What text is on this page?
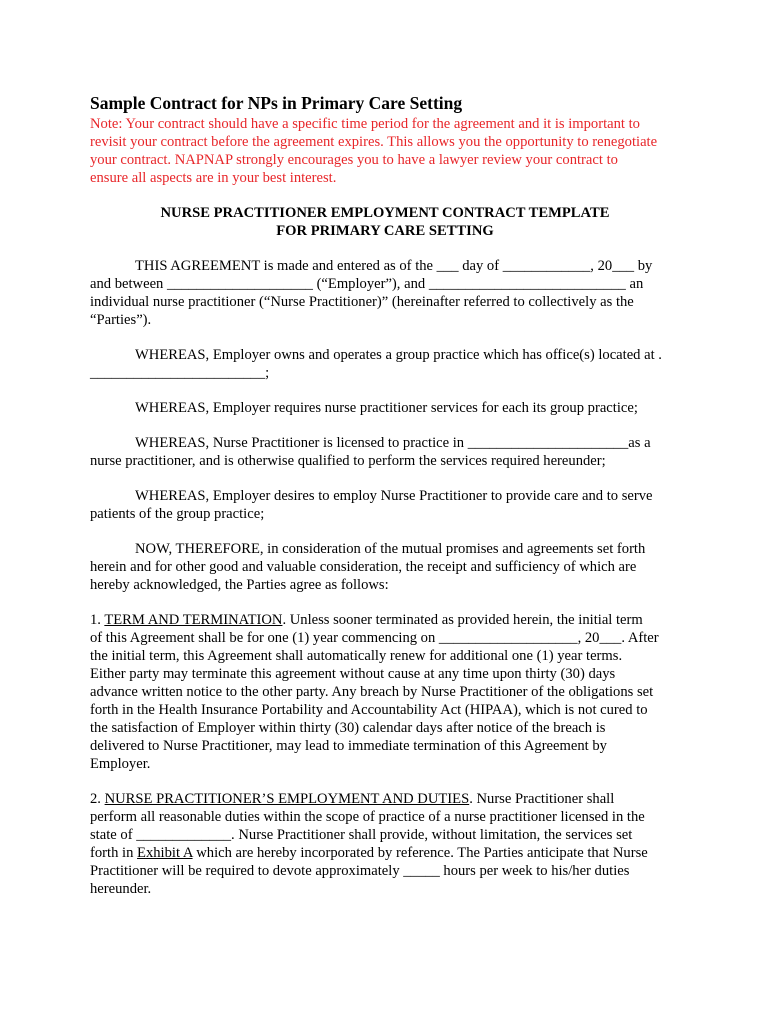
Sample Contract for NPs in Primary Care Setting
Note: Your contract should have a specific time period for the agreement and it is important to
revisit your contract before the agreement expires. This allows you the opportunity to renegotiate
your contract. NAPNAP strongly encourages you to have a lawyer review your contract to
ensure all aspects are in your best interest.
NURSE PRACTITIONER EMPLOYMENT CONTRACT TEMPLATE
FOR PRIMARY CARE SETTING
THIS AGREEMENT is made and entered as of the ___ day of ____________, 20___ by
and between ____________________ (“Employer”), and ___________________________ an
individual nurse practitioner (“Nurse Practitioner)” (hereinafter referred to collectively as the
“Parties”).
WHEREAS, Employer owns and operates a group practice which has office(s) located at .
________________________;
WHEREAS, Employer requires nurse practitioner services for each its group practice;
WHEREAS, Nurse Practitioner is licensed to practice in ______________________as a
nurse practitioner, and is otherwise qualified to perform the services required hereunder;
WHEREAS, Employer desires to employ Nurse Practitioner to provide care and to serve
patients of the group practice;
NOW, THEREFORE, in consideration of the mutual promises and agreements set forth
herein and for other good and valuable consideration, the receipt and sufficiency of which are
hereby acknowledged, the Parties agree as follows:
1. TERM AND TERMINATION. Unless sooner terminated as provided herein, the initial term
of this Agreement shall be for one (1) year commencing on ___________________, 20___. After
the initial term, this Agreement shall automatically renew for additional one (1) year terms.
Either party may terminate this agreement without cause at any time upon thirty (30) days
advance written notice to the other party. Any breach by Nurse Practitioner of the obligations set
forth in the Health Insurance Portability and Accountability Act (HIPAA), which is not cured to
the satisfaction of Employer within thirty (30) calendar days after notice of the breach is
delivered to Nurse Practitioner, may lead to immediate termination of this Agreement by
Employer.
2. NURSE PRACTITIONER’S EMPLOYMENT AND DUTIES. Nurse Practitioner shall
perform all reasonable duties within the scope of practice of a nurse practitioner licensed in the
state of _____________. Nurse Practitioner shall provide, without limitation, the services set
forth in Exhibit A which are hereby incorporated by reference. The Parties anticipate that Nurse
Practitioner will be required to devote approximately _____ hours per week to his/her duties
hereunder.
